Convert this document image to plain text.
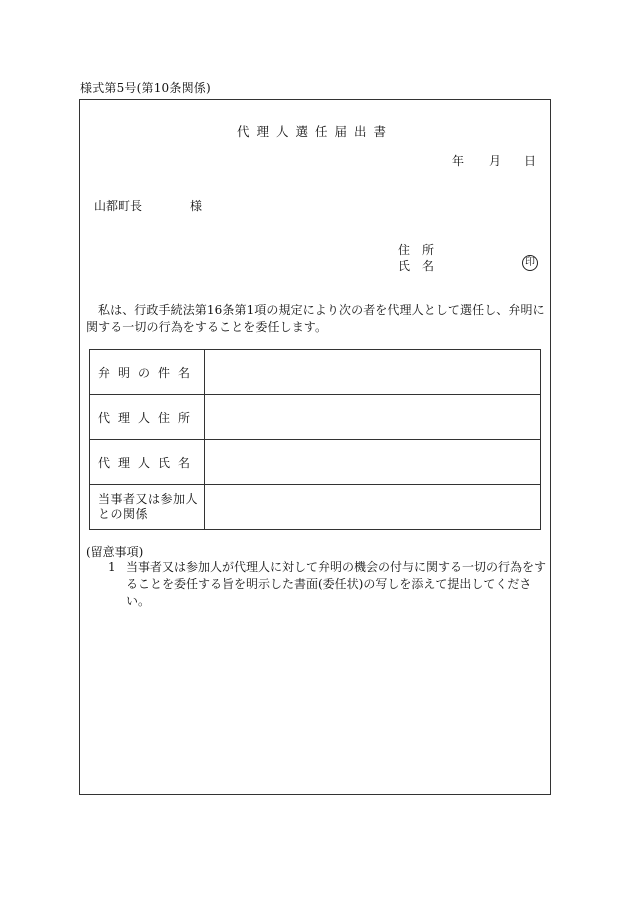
様式第5号(第10条関係)
代理人選任届出書
年 月 日
山都町長	様
住 所
氏 名	印
私は、行政手続法第16条第1項の規定により次の者を代理人として選任し、弁明に関する一切の行為をすることを委任します。
弁明の件名	
代理人住所	
代理人氏名	
当事者又は参加人との関係	
(留意事項)
1 当事者又は参加人が代理人に対して弁明の機会の付与に関する一切の行為をすることを委任する旨を明示した書面(委任状)の写しを添えて提出してください。
